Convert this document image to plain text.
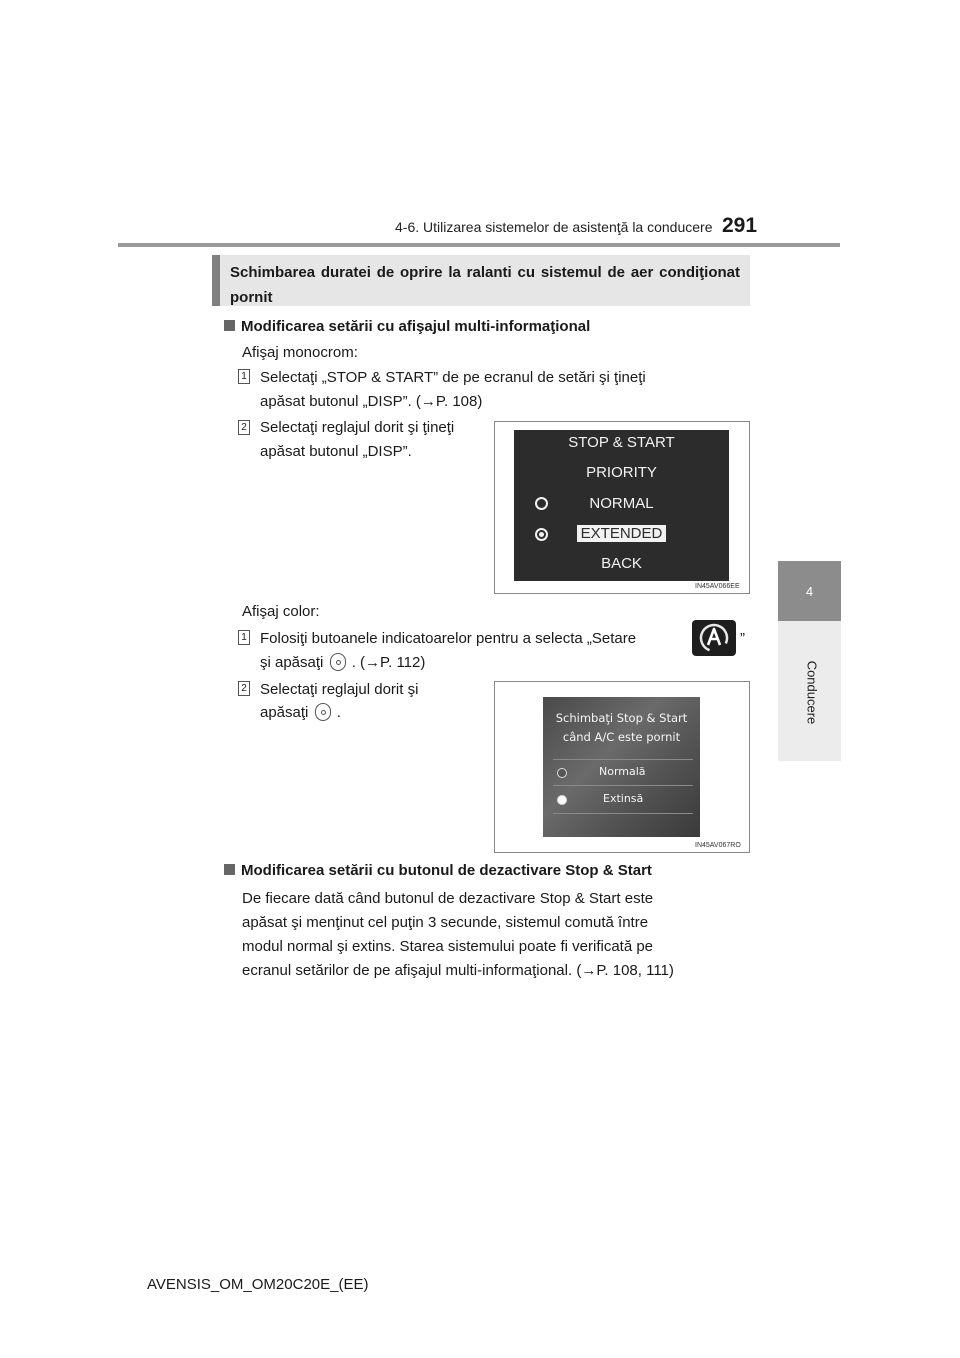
4-6. Utilizarea sistemelor de asistenţă la conducere 291
4
Conducere
Schimbarea duratei de oprire la ralanti cu sistemul de aer condiţionat pornit
Modificarea setării cu afişajul multi-informaţional
Afişaj monocrom:
1 Selectaţi „STOP & START” de pe ecranul de setări şi ţineţi
apăsat butonul „DISP”. (→P. 108)
2 Selectaţi reglajul dorit şi ţineţi
apăsat butonul „DISP”.
STOP & START
PRIORITY
NORMAL
EXTENDED
BACK
IN45AV066EE
Afişaj color:
1 Folosiţi butoanele indicatoarelor pentru a selecta „Setare	”
şi apăsaţi . (→P. 112)
2 Selectaţi reglajul dorit şi
apăsaţi .	Schimbaţi Stop & Start
când A/C este pornit
Normală
Extinsă
IN45AV067RO
Modificarea setării cu butonul de dezactivare Stop & Start
De fiecare dată când butonul de dezactivare Stop & Start este
apăsat şi menţinut cel puţin 3 secunde, sistemul comută între
modul normal şi extins. Starea sistemului poate fi verificată pe
ecranul setărilor de pe afişajul multi-informaţional. (→P. 108, 111)
AVENSIS_OM_OM20C20E_(EE)
